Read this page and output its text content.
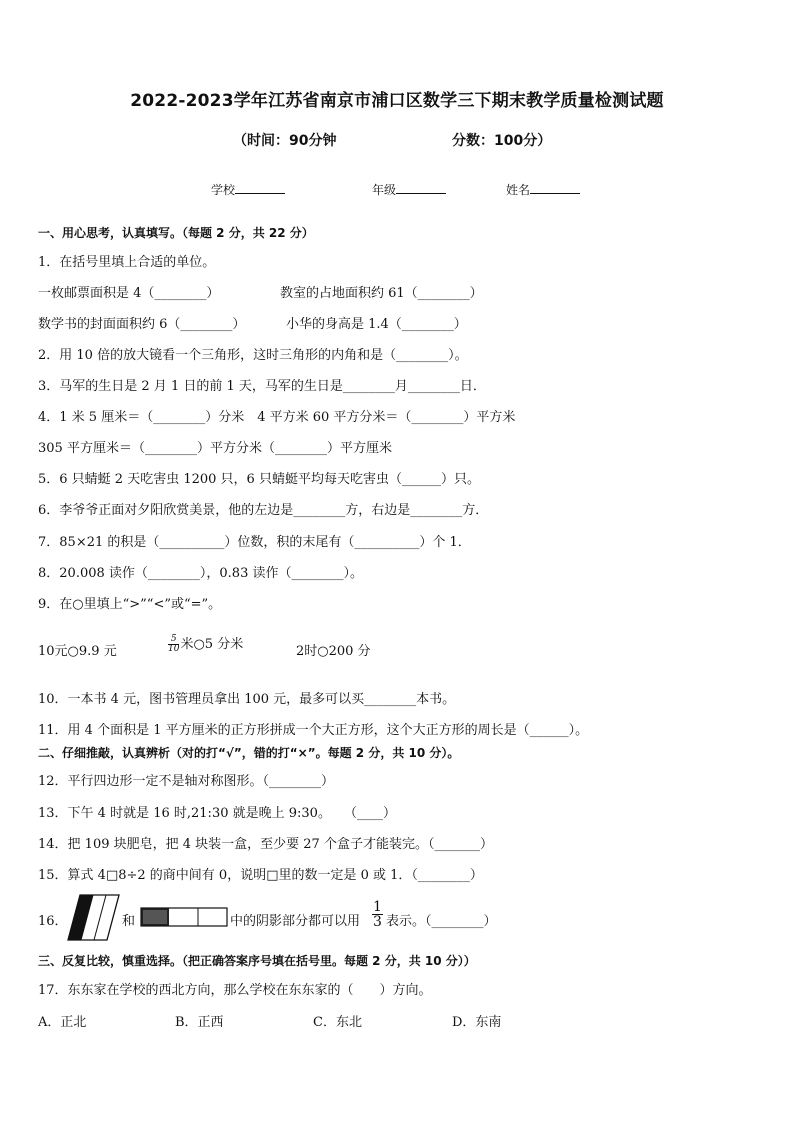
2022-2023学年江苏省南京市浦口区数学三下期末教学质量检测试题
（时间：90分钟	分数：100分）
学校	年级	姓名
一、用心思考，认真填写。（每题 2 分，共 22 分）
1．在括号里填上合适的单位。
一枚邮票面积是 4（________）	教室的占地面积约 61（________）
数学书的封面面积约 6（________）	小华的身高是 1.4（________）
2．用 10 倍的放大镜看一个三角形，这时三角形的内角和是（________）。
3．马军的生日是 2 月 1 日的前 1 天，马军的生日是________月________日．
4．1 米 5 厘米＝（________）分米　4 平方米 60 平方分米＝（________）平方米
305 平方厘米＝（________）平方分米（________）平方厘米
5．6 只蜻蜓 2 天吃害虫 1200 只，6 只蜻蜓平均每天吃害虫（______）只。
6．李爷爷正面对夕阳欣赏美景，他的左边是________方，右边是________方．
7．85×21 的积是（__________）位数，积的末尾有（__________）个 1．
8．20.008 读作（________），0.83 读作（________）。
9．在○里填上“>”“<”或“=”。
10元○9.9 元	$\frac{5}{10}$ 米○5 分米	2时○200 分
10．一本书 4 元，图书管理员拿出 100 元，最多可以买________本书。
11．用 4 个面积是 1 平方厘米的正方形拼成一个大正方形，这个大正方形的周长是（______）。
二、仔细推敲，认真辨析（对的打“√”，错的打“×”。每题 2 分，共 10 分）。
12．平行四边形一定不是轴对称图形。（________）
13．下午 4 时就是 16 时,21:30 就是晚上 9:30。　　（____）
14．把 109 块肥皂，把 4 块装一盒，至少要 27 个盒子才能装完。（_______）
15．算式 4□8÷2 的商中间有 0，说明□里的数一定是 0 或 1．（________）
16．	和	中的阴影部分都可以用 $\frac{1}{3}$ 表示。（________）
三、反复比较，慎重选择。（把正确答案序号填在括号里。每题 2 分，共 10 分））
17．东东家在学校的西北方向，那么学校在东东家的（　　）方向。
A．正北	B．正西	C．东北	D．东南
